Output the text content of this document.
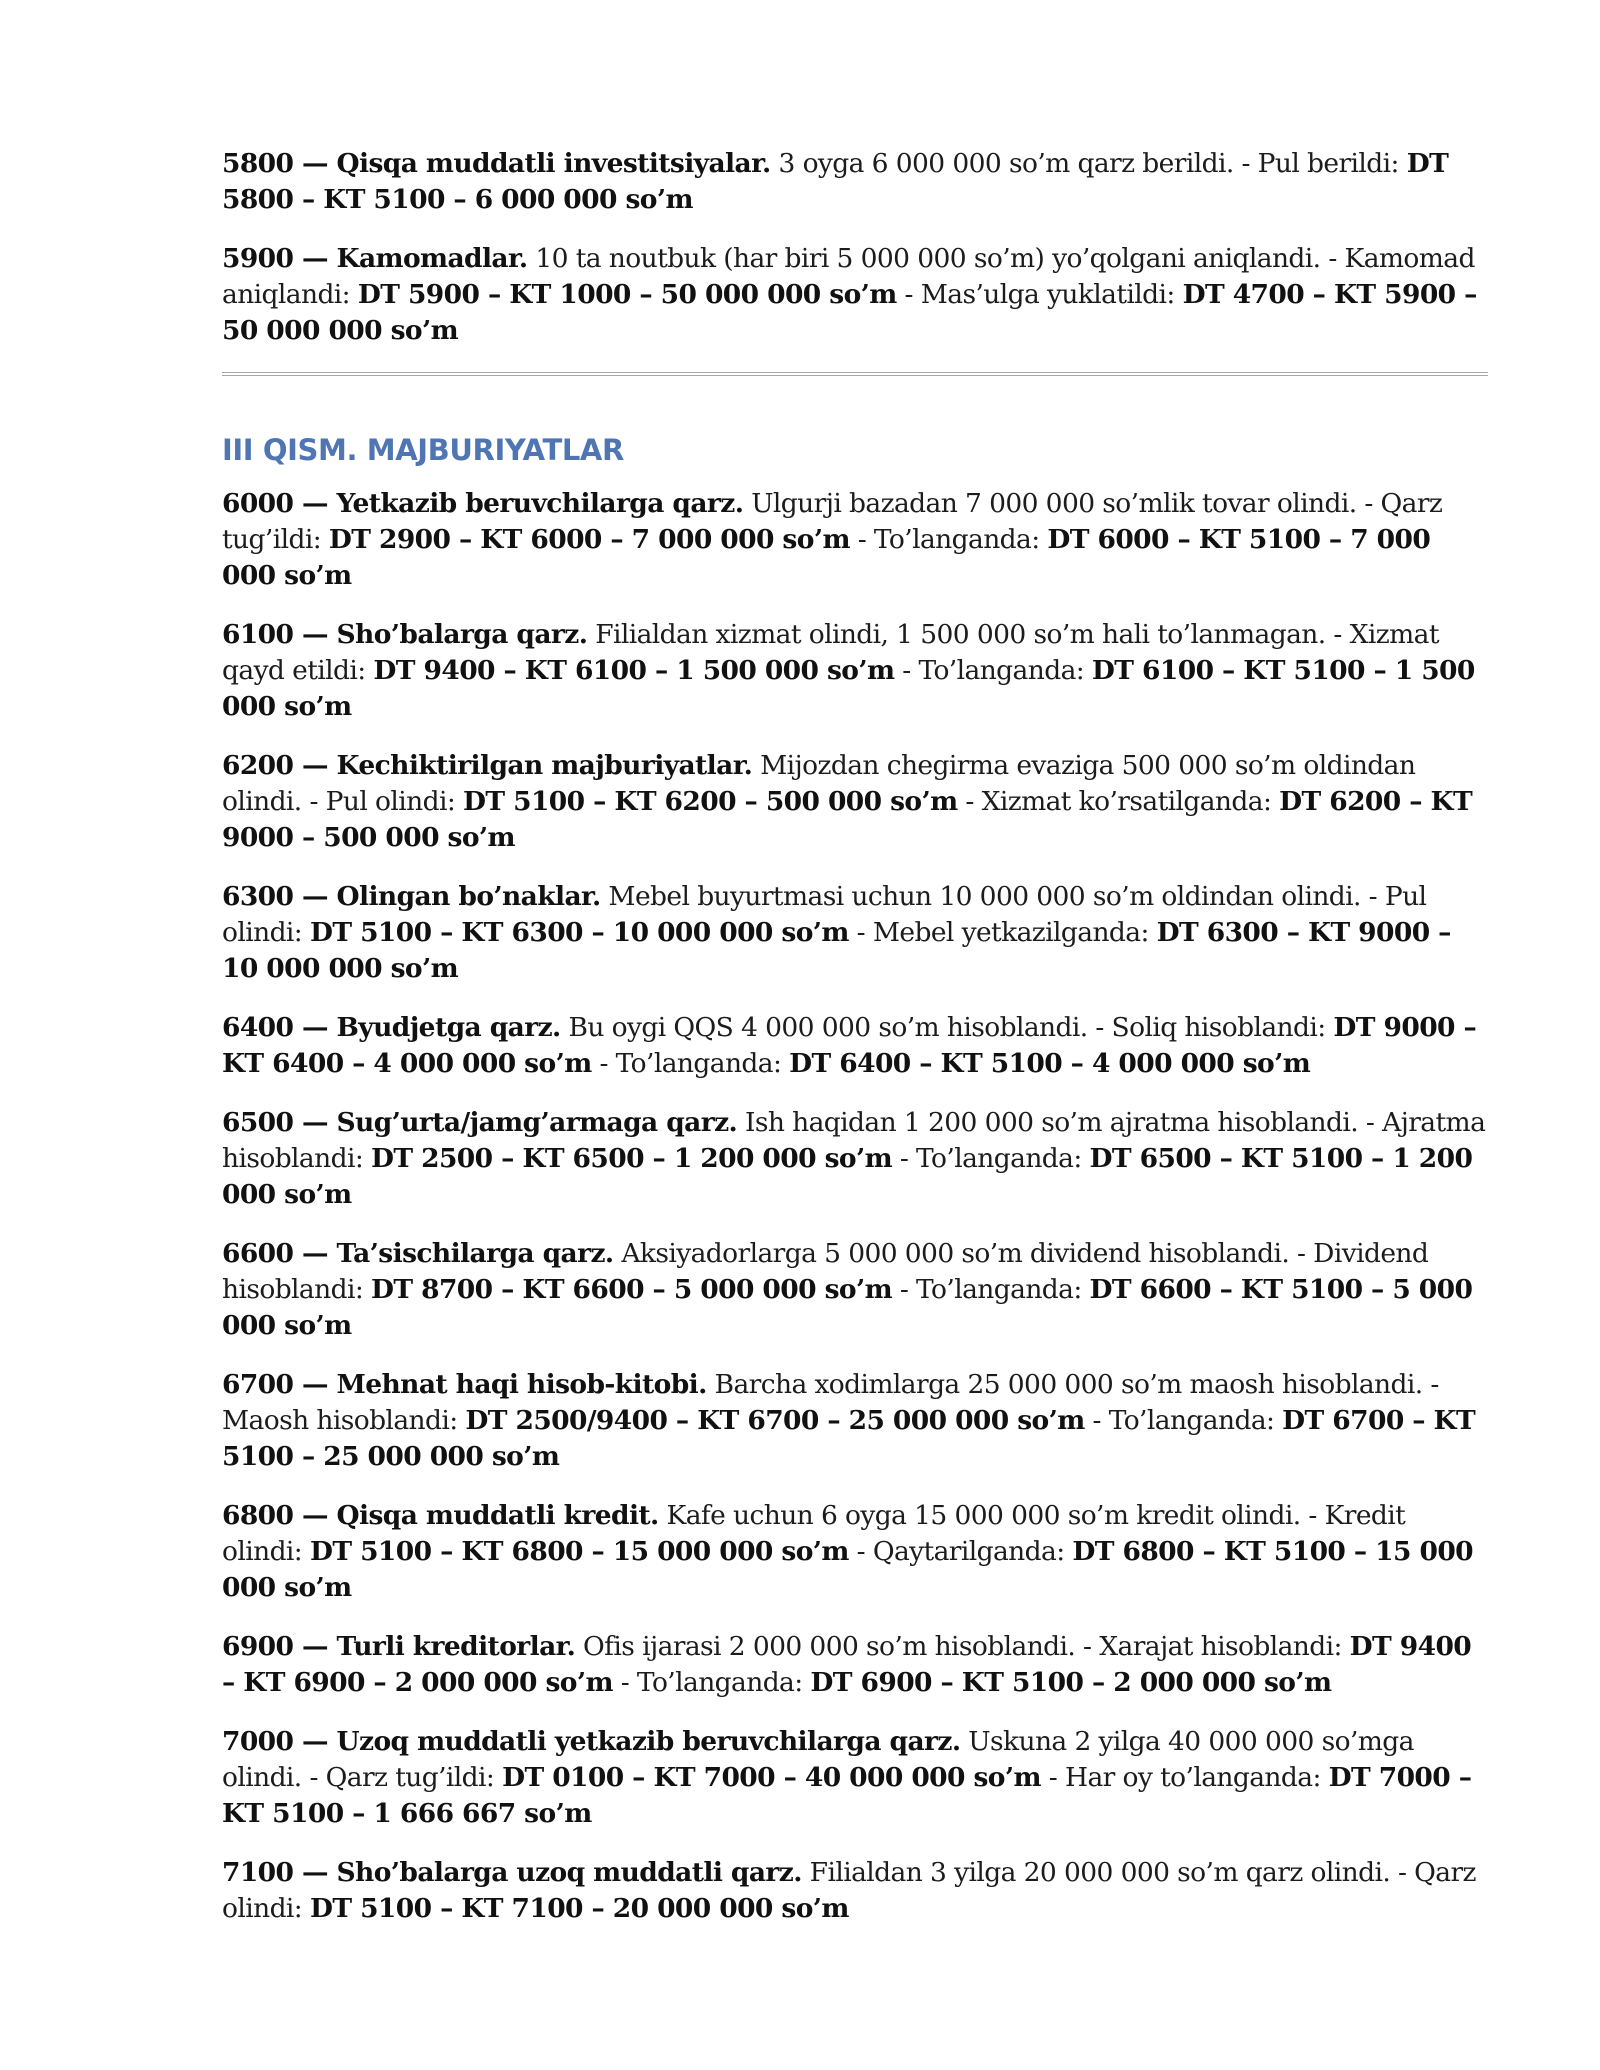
5800 — Qisqa muddatli investitsiyalar. 3 oyga 6 000 000 so’m qarz berildi. - Pul berildi: DT 5800 – KT 5100 – 6 000 000 so’m

5900 — Kamomadlar. 10 ta noutbuk (har biri 5 000 000 so’m) yo’qolgani aniqlandi. - Kamomad aniqlandi: DT 5900 – KT 1000 – 50 000 000 so’m - Mas’ulga yuklatildi: DT 4700 – KT 5900 – 50 000 000 so’m

III QISM. MAJBURIYATLAR

6000 — Yetkazib beruvchilarga qarz. Ulgurji bazadan 7 000 000 so’mlik tovar olindi. - Qarz tug’ildi: DT 2900 – KT 6000 – 7 000 000 so’m - To’langanda: DT 6000 – KT 5100 – 7 000 000 so’m

6100 — Sho’balarga qarz. Filialdan xizmat olindi, 1 500 000 so’m hali to’lanmagan. - Xizmat qayd etildi: DT 9400 – KT 6100 – 1 500 000 so’m - To’langanda: DT 6100 – KT 5100 – 1 500 000 so’m

6200 — Kechiktirilgan majburiyatlar. Mijozdan chegirma evaziga 500 000 so’m oldindan olindi. - Pul olindi: DT 5100 – KT 6200 – 500 000 so’m - Xizmat ko’rsatilganda: DT 6200 – KT 9000 – 500 000 so’m

6300 — Olingan bo’naklar. Mebel buyurtmasi uchun 10 000 000 so’m oldindan olindi. - Pul olindi: DT 5100 – KT 6300 – 10 000 000 so’m - Mebel yetkazilganda: DT 6300 – KT 9000 – 10 000 000 so’m

6400 — Byudjetga qarz. Bu oygi QQS 4 000 000 so’m hisoblandi. - Soliq hisoblandi: DT 9000 – KT 6400 – 4 000 000 so’m - To’langanda: DT 6400 – KT 5100 – 4 000 000 so’m

6500 — Sug’urta/jamg’armaga qarz. Ish haqidan 1 200 000 so’m ajratma hisoblandi. - Ajratma hisoblandi: DT 2500 – KT 6500 – 1 200 000 so’m - To’langanda: DT 6500 – KT 5100 – 1 200 000 so’m

6600 — Ta’sischilarga qarz. Aksiyadorlarga 5 000 000 so’m dividend hisoblandi. - Dividend hisoblandi: DT 8700 – KT 6600 – 5 000 000 so’m - To’langanda: DT 6600 – KT 5100 – 5 000 000 so’m

6700 — Mehnat haqi hisob-kitobi. Barcha xodimlarga 25 000 000 so’m maosh hisoblandi. - Maosh hisoblandi: DT 2500/9400 – KT 6700 – 25 000 000 so’m - To’langanda: DT 6700 – KT 5100 – 25 000 000 so’m

6800 — Qisqa muddatli kredit. Kafe uchun 6 oyga 15 000 000 so’m kredit olindi. - Kredit olindi: DT 5100 – KT 6800 – 15 000 000 so’m - Qaytarilganda: DT 6800 – KT 5100 – 15 000 000 so’m

6900 — Turli kreditorlar. Ofis ijarasi 2 000 000 so’m hisoblandi. - Xarajat hisoblandi: DT 9400 – KT 6900 – 2 000 000 so’m - To’langanda: DT 6900 – KT 5100 – 2 000 000 so’m

7000 — Uzoq muddatli yetkazib beruvchilarga qarz. Uskuna 2 yilga 40 000 000 so’mga olindi. - Qarz tug’ildi: DT 0100 – KT 7000 – 40 000 000 so’m - Har oy to’langanda: DT 7000 – KT 5100 – 1 666 667 so’m

7100 — Sho’balarga uzoq muddatli qarz. Filialdan 3 yilga 20 000 000 so’m qarz olindi. - Qarz olindi: DT 5100 – KT 7100 – 20 000 000 so’m
